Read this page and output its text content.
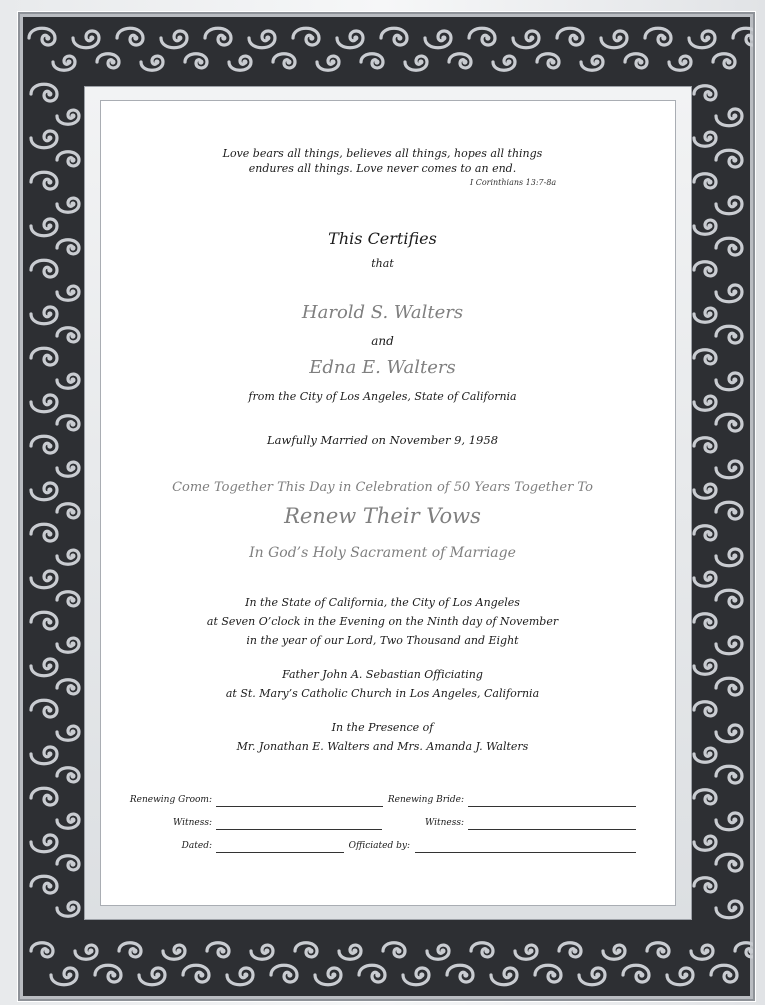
Love bears all things, believes all things, hopes all things
endures all things. Love never comes to an end.
I Corinthians 13:7-8a
This Certifies
that
Harold S. Walters
and
Edna E. Walters
from the City of Los Angeles, State of California
Lawfully Married on November 9, 1958
Come Together This Day in Celebration of 50 Years Together To
Renew Their Vows
In God’s Holy Sacrament of Marriage
In the State of California, the City of Los Angeles
at Seven O’clock in the Evening on the Ninth day of November
in the year of our Lord, Two Thousand and Eight
Father John A. Sebastian Officiating
at St. Mary’s Catholic Church in Los Angeles, California
In the Presence of
Mr. Jonathan E. Walters and Mrs. Amanda J. Walters
Renewing Groom:	Renewing Bride:
Witness:	Witness:
Dated:	Officiated by:
